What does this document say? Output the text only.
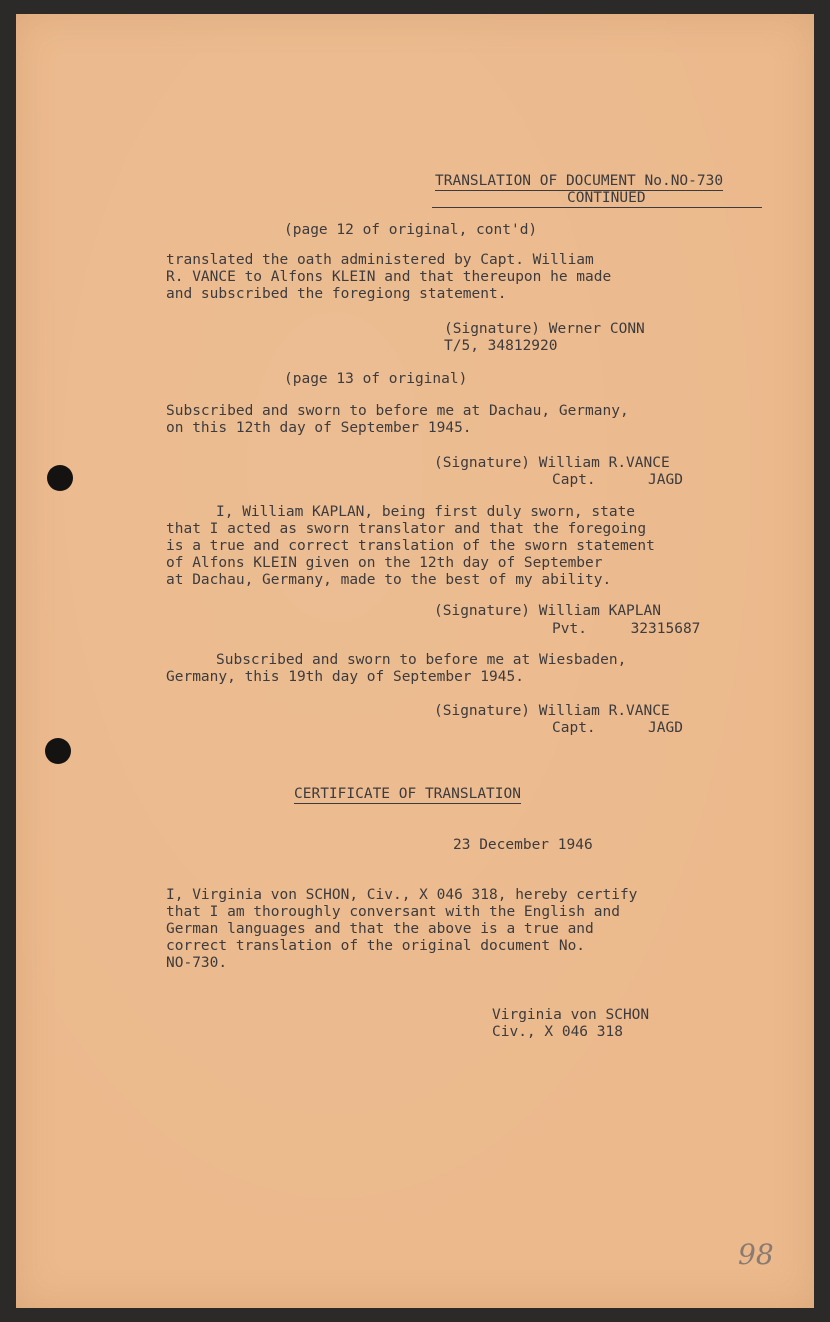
TRANSLATION OF DOCUMENT No.NO-730

CONTINUED

(page 12 of original, cont'd)

translated the oath administered by Capt. William

R. VANCE to Alfons KLEIN and that thereupon he made

and subscribed the foregiong statement.

(Signature) Werner CONN

T/5, 34812920

(page 13 of original)

Subscribed and sworn to before me at Dachau, Germany,

on this 12th day of September 1945.

(Signature) William R.VANCE

Capt.      JAGD

I, William KAPLAN, being first duly sworn, state

that I acted as sworn translator and that the foregoing

is a true and correct translation of the sworn statement

of Alfons KLEIN given on the 12th day of September

at Dachau, Germany, made to the best of my ability.

(Signature) William KAPLAN

Pvt.     32315687

Subscribed and sworn to before me at Wiesbaden,

Germany, this 19th day of September 1945.

(Signature) William R.VANCE

Capt.      JAGD

CERTIFICATE OF TRANSLATION

23 December 1946

I, Virginia von SCHON, Civ., X 046 318, hereby certify

that I am thoroughly conversant with the English and

German languages and that the above is a true and

correct translation of the original document No.

NO-730.

Virginia von SCHON

Civ., X 046 318

98
